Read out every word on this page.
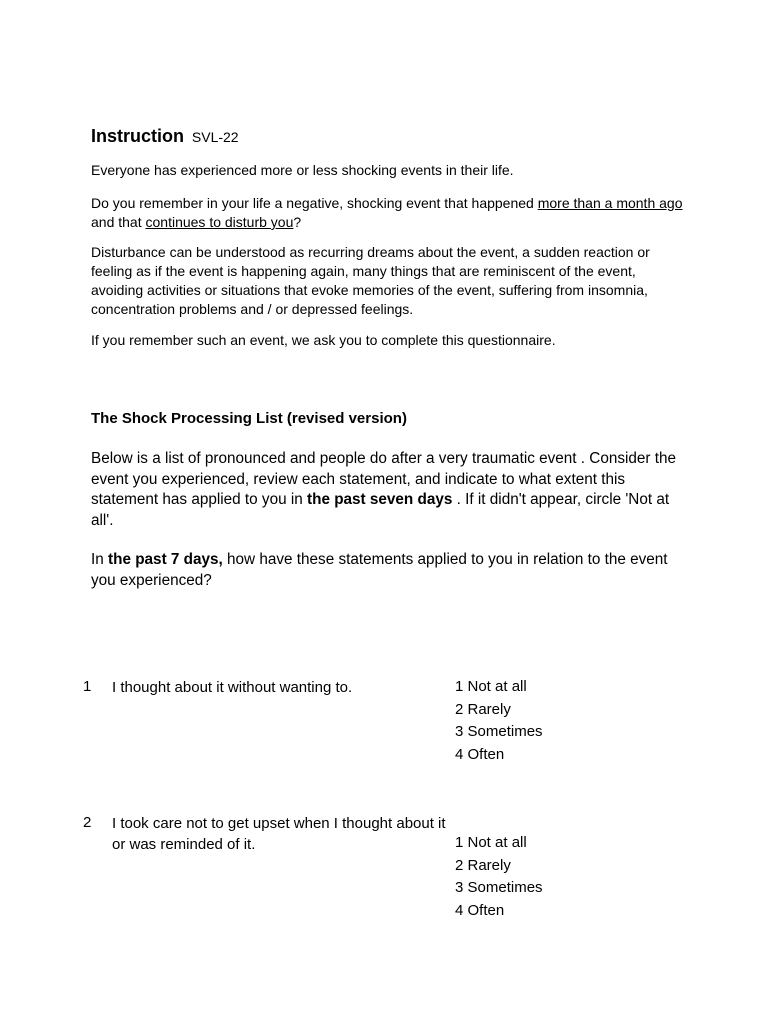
Instruction SVL-22
Everyone has experienced more or less shocking events in their life.
Do you remember in your life a negative, shocking event that happened more than a month ago
and that continues to disturb you?
Disturbance can be understood as recurring dreams about the event, a sudden reaction or feeling as if the event is happening again, many things that are reminiscent of the event, avoiding activities or situations that evoke memories of the event, suffering from insomnia, concentration problems and / or depressed feelings.
If you remember such an event, we ask you to complete this questionnaire.
The Shock Processing List (revised version)
Below is a list of pronounced and people do after a very traumatic event . Consider the event you experienced, review each statement, and indicate to what extent this statement has applied to you in the past seven days . If it didn't appear, circle 'Not at all'.
In the past 7 days, how have these statements applied to you in relation to the event you experienced?
1 I thought about it without wanting to.	1 Not at all
2 Rarely
3 Sometimes
4 Often
2 I took care not to get upset when I thought about it or was reminded of it.	1 Not at all
2 Rarely
3 Sometimes
4 Often
